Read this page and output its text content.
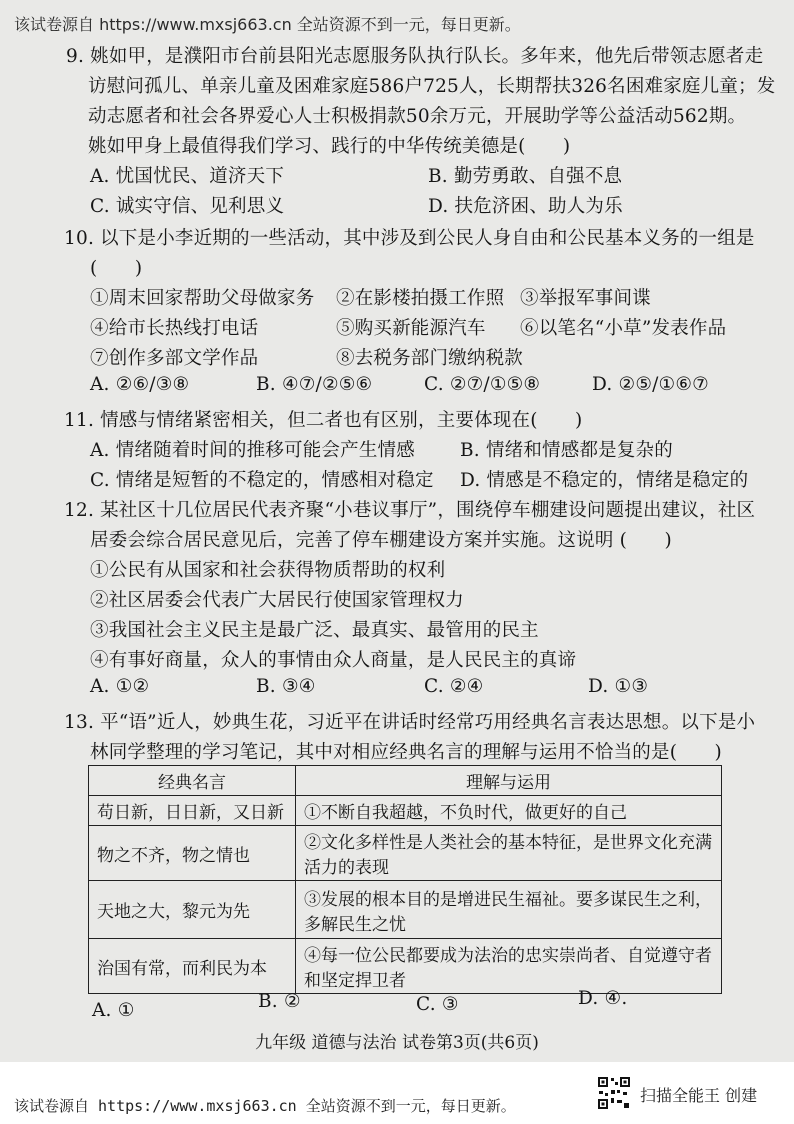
该试卷源自 https://www.mxsj663.cn 全站资源不到一元，每日更新。
9. 姚如甲，是濮阳市台前县阳光志愿服务队执行队长。多年来，他先后带领志愿者走
访慰问孤儿、单亲儿童及困难家庭586户725人，长期帮扶326名困难家庭儿童；发
动志愿者和社会各界爱心人士积极捐款50余万元，开展助学等公益活动562期。
姚如甲身上最值得我们学习、践行的中华传统美德是(　　)
A. 忧国忧民、道济天下	B. 勤劳勇敢、自强不息
C. 诚实守信、见利思义	D. 扶危济困、助人为乐
10. 以下是小李近期的一些活动，其中涉及到公民人身自由和公民基本义务的一组是
(　　)
①周末回家帮助父母做家务 ②在影楼拍摄工作照 ③举报军事间谍
④给市长热线打电话	⑤购买新能源汽车 ⑥以笔名“小草”发表作品
⑦创作多部文学作品	⑧去税务部门缴纳税款
A. ②⑥/③⑧	B. ④⑦/②⑤⑥	C. ②⑦/①⑤⑧	D. ②⑤/①⑥⑦
11. 情感与情绪紧密相关，但二者也有区别，主要体现在(　　)
A. 情绪随着时间的推移可能会产生情感 B. 情绪和情感都是复杂的
C. 情绪是短暂的不稳定的，情感相对稳定 D. 情感是不稳定的，情绪是稳定的
12. 某社区十几位居民代表齐聚“小巷议事厅”，围绕停车棚建设问题提出建议，社区
居委会综合居民意见后，完善了停车棚建设方案并实施。这说明 (　　)
①公民有从国家和社会获得物质帮助的权利
②社区居委会代表广大居民行使国家管理权力
③我国社会主义民主是最广泛、最真实、最管用的民主
④有事好商量，众人的事情由众人商量，是人民民主的真谛
A. ①②	B. ③④	C. ②④	D. ①③
13. 平“语”近人，妙典生花，习近平在讲话时经常巧用经典名言表达思想。以下是小
林同学整理的学习笔记，其中对相应经典名言的理解与运用不恰当的是(　　)
经典名言	理解与运用
苟日新，日日新，又日新	①不断自我超越，不负时代，做更好的自己
物之不齐，物之情也	②文化多样性是人类社会的基本特征，是世界文化充满活力的表现
天地之大，黎元为先	③发展的根本目的是增进民生福祉。要多谋民生之利，多解民生之忧
治国有常，而利民为本	④每一位公民都要成为法治的忠实崇尚者、自觉遵守者和坚定捍卫者
A. ①	B. ②	C. ③	D. ④.
九年级 道德与法治 试卷第3页(共6页)
该试卷源自 https://www.mxsj663.cn 全站资源不到一元，每日更新。
扫描全能王 创建
